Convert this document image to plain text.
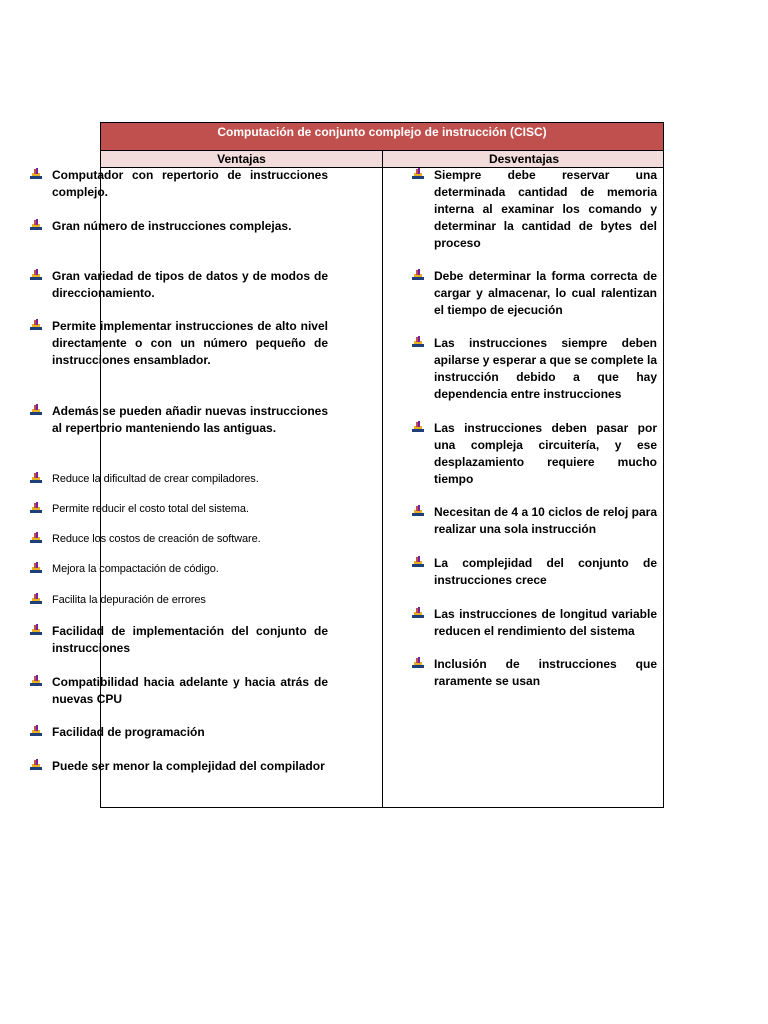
Computación de conjunto complejo de instrucción (CISC)
Ventajas	Desventajas
Computador con repertorio de instrucciones complejo.
Gran número de instrucciones complejas.
Gran variedad de tipos de datos y de modos de direccionamiento.
Permite implementar instrucciones de alto nivel directamente o con un número pequeño de instrucciones ensamblador.
Además se pueden añadir nuevas instrucciones al repertorio manteniendo las antiguas.
Reduce la dificultad de crear compiladores.
Permite reducir el costo total del sistema.
Reduce los costos de creación de software.
Mejora la compactación de código.
Facilita la depuración de errores
Facilidad de implementación del conjunto de instrucciones
Compatibilidad hacia adelante y hacia atrás de nuevas CPU
Facilidad de programación
Puede ser menor la complejidad del compilador
Siempre debe reservar una determinada cantidad de memoria interna al examinar los comando y determinar la cantidad de bytes del proceso
Debe determinar la forma correcta de cargar y almacenar, lo cual ralentizan el tiempo de ejecución
Las instrucciones siempre deben apilarse y esperar a que se complete la instrucción debido a que hay dependencia entre instrucciones
Las instrucciones deben pasar por una compleja circuitería, y ese desplazamiento requiere mucho tiempo
Necesitan de 4 a 10 ciclos de reloj para realizar una sola instrucción
La complejidad del conjunto de instrucciones crece
Las instrucciones de longitud variable reducen el rendimiento del sistema
Inclusión de instrucciones que raramente se usan
